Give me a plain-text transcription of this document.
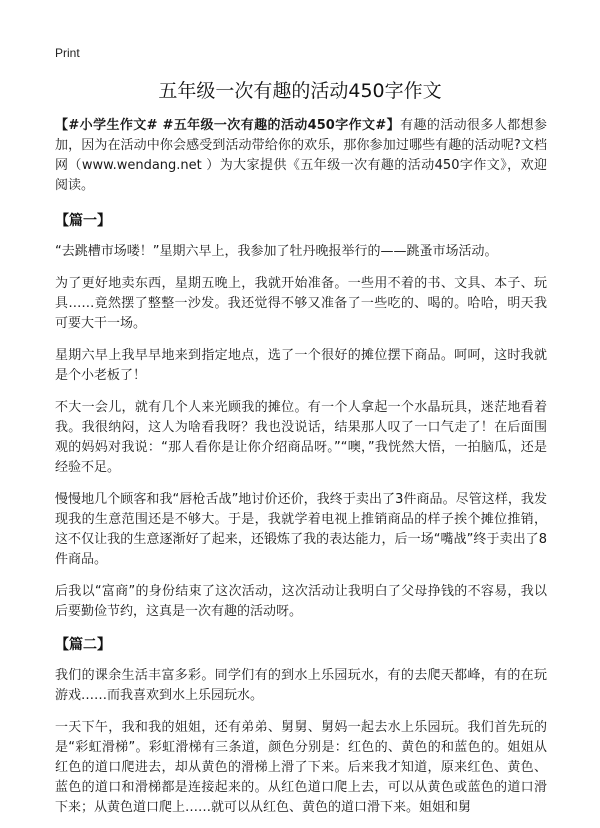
Print
五年级一次有趣的活动450字作文

【#小学生作文# #五年级一次有趣的活动450字作文#】有趣的活动很多人都想参加，因为在活动中你会感受到活动带给你的欢乐，那你参加过哪些有趣的活动呢?文档网（www.wendang.net ）为大家提供《五年级一次有趣的活动450字作文》，欢迎阅读。

【篇一】

“去跳槽市场喽！”星期六早上，我参加了牡丹晚报举行的——跳蚤市场活动。

为了更好地卖东西，星期五晚上，我就开始准备。一些用不着的书、文具、本子、玩具……竟然摆了整整一沙发。我还觉得不够又准备了一些吃的、喝的。哈哈，明天我可要大干一场。

星期六早上我早早地来到指定地点，选了一个很好的摊位摆下商品。呵呵，这时我就是个小老板了！

不大一会儿，就有几个人来光顾我的摊位。有一个人拿起一个水晶玩具，迷茫地看着我。我很纳闷，这人为啥看我呀？我也没说话，结果那人叹了一口气走了！在后面围观的妈妈对我说：“那人看你是让你介绍商品呀。”“噢，”我恍然大悟，一拍脑瓜，还是经验不足。

慢慢地几个顾客和我“唇枪舌战”地讨价还价，我终于卖出了3件商品。尽管这样，我发现我的生意范围还是不够大。于是，我就学着电视上推销商品的样子挨个摊位推销，这不仅让我的生意逐渐好了起来，还锻炼了我的表达能力，后一场“嘴战”终于卖出了8件商品。

后我以“富商”的身份结束了这次活动，这次活动让我明白了父母挣钱的不容易，我以后要勤俭节约，这真是一次有趣的活动呀。

【篇二】

我们的课余生活丰富多彩。同学们有的到水上乐园玩水，有的去爬天都峰，有的在玩游戏……而我喜欢到水上乐园玩水。

一天下午，我和我的姐姐，还有弟弟、舅舅、舅妈一起去水上乐园玩。我们首先玩的是“彩虹滑梯”。彩虹滑梯有三条道，颜色分别是：红色的、黄色的和蓝色的。姐姐从红色的道口爬进去，却从黄色的滑梯上滑了下来。后来我才知道，原来红色、黄色、蓝色的道口和滑梯都是连接起来的。从红色道口爬上去，可以从黄色或蓝色的道口滑下来；从黄色道口爬上……就可以从红色、黄色的道口滑下来。姐姐和舅
